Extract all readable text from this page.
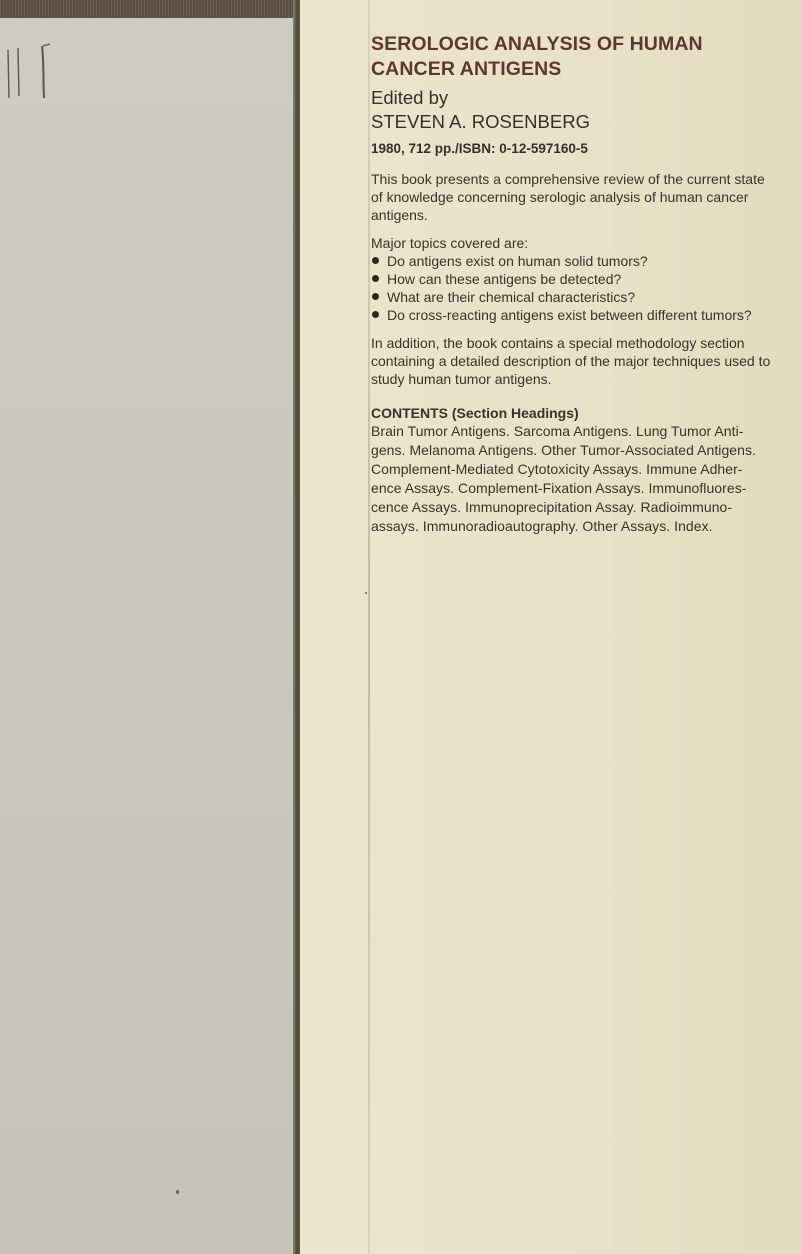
SEROLOGIC ANALYSIS OF HUMAN
CANCER ANTIGENS
Edited by
STEVEN A. ROSENBERG
1980, 712 pp./ISBN: 0-12-597160-5
This book presents a comprehensive review of the current state
of knowledge concerning serologic analysis of human cancer
antigens.
Major topics covered are:
Do antigens exist on human solid tumors?
How can these antigens be detected?
What are their chemical characteristics?
Do cross-reacting antigens exist between different tumors?
In addition, the book contains a special methodology section
containing a detailed description of the major techniques used to
study human tumor antigens.
CONTENTS (Section Headings)
Brain Tumor Antigens. Sarcoma Antigens. Lung Tumor Anti-
gens. Melanoma Antigens. Other Tumor-Associated Antigens.
Complement-Mediated Cytotoxicity Assays. Immune Adher-
ence Assays. Complement-Fixation Assays. Immunofluores-
cence Assays. Immunoprecipitation Assay. Radioimmuno-
assays. Immunoradioautography. Other Assays. Index.
